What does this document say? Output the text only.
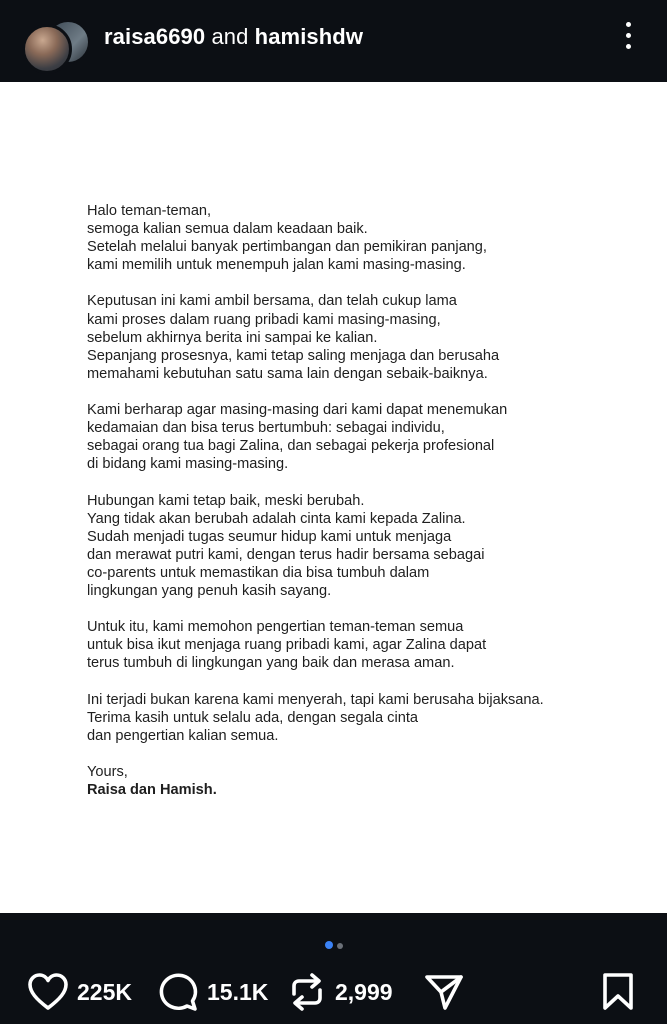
raisa6690 and hamishdw

Halo teman-teman,
semoga kalian semua dalam keadaan baik.
Setelah melalui banyak pertimbangan dan pemikiran panjang,
kami memilih untuk menempuh jalan kami masing-masing.

Keputusan ini kami ambil bersama, dan telah cukup lama
kami proses dalam ruang pribadi kami masing-masing,
sebelum akhirnya berita ini sampai ke kalian.
Sepanjang prosesnya, kami tetap saling menjaga dan berusaha
memahami kebutuhan satu sama lain dengan sebaik-baiknya.

Kami berharap agar masing-masing dari kami dapat menemukan
kedamaian dan bisa terus bertumbuh: sebagai individu,
sebagai orang tua bagi Zalina, dan sebagai pekerja profesional
di bidang kami masing-masing.

Hubungan kami tetap baik, meski berubah.
Yang tidak akan berubah adalah cinta kami kepada Zalina.
Sudah menjadi tugas seumur hidup kami untuk menjaga
dan merawat putri kami, dengan terus hadir bersama sebagai
co-parents untuk memastikan dia bisa tumbuh dalam
lingkungan yang penuh kasih sayang.

Untuk itu, kami memohon pengertian teman-teman semua
untuk bisa ikut menjaga ruang pribadi kami, agar Zalina dapat
terus tumbuh di lingkungan yang baik dan merasa aman.

Ini terjadi bukan karena kami menyerah, tapi kami berusaha bijaksana.
Terima kasih untuk selalu ada, dengan segala cinta
dan pengertian kalian semua.

Yours,
Raisa dan Hamish.

225K	15.1K	2,999
